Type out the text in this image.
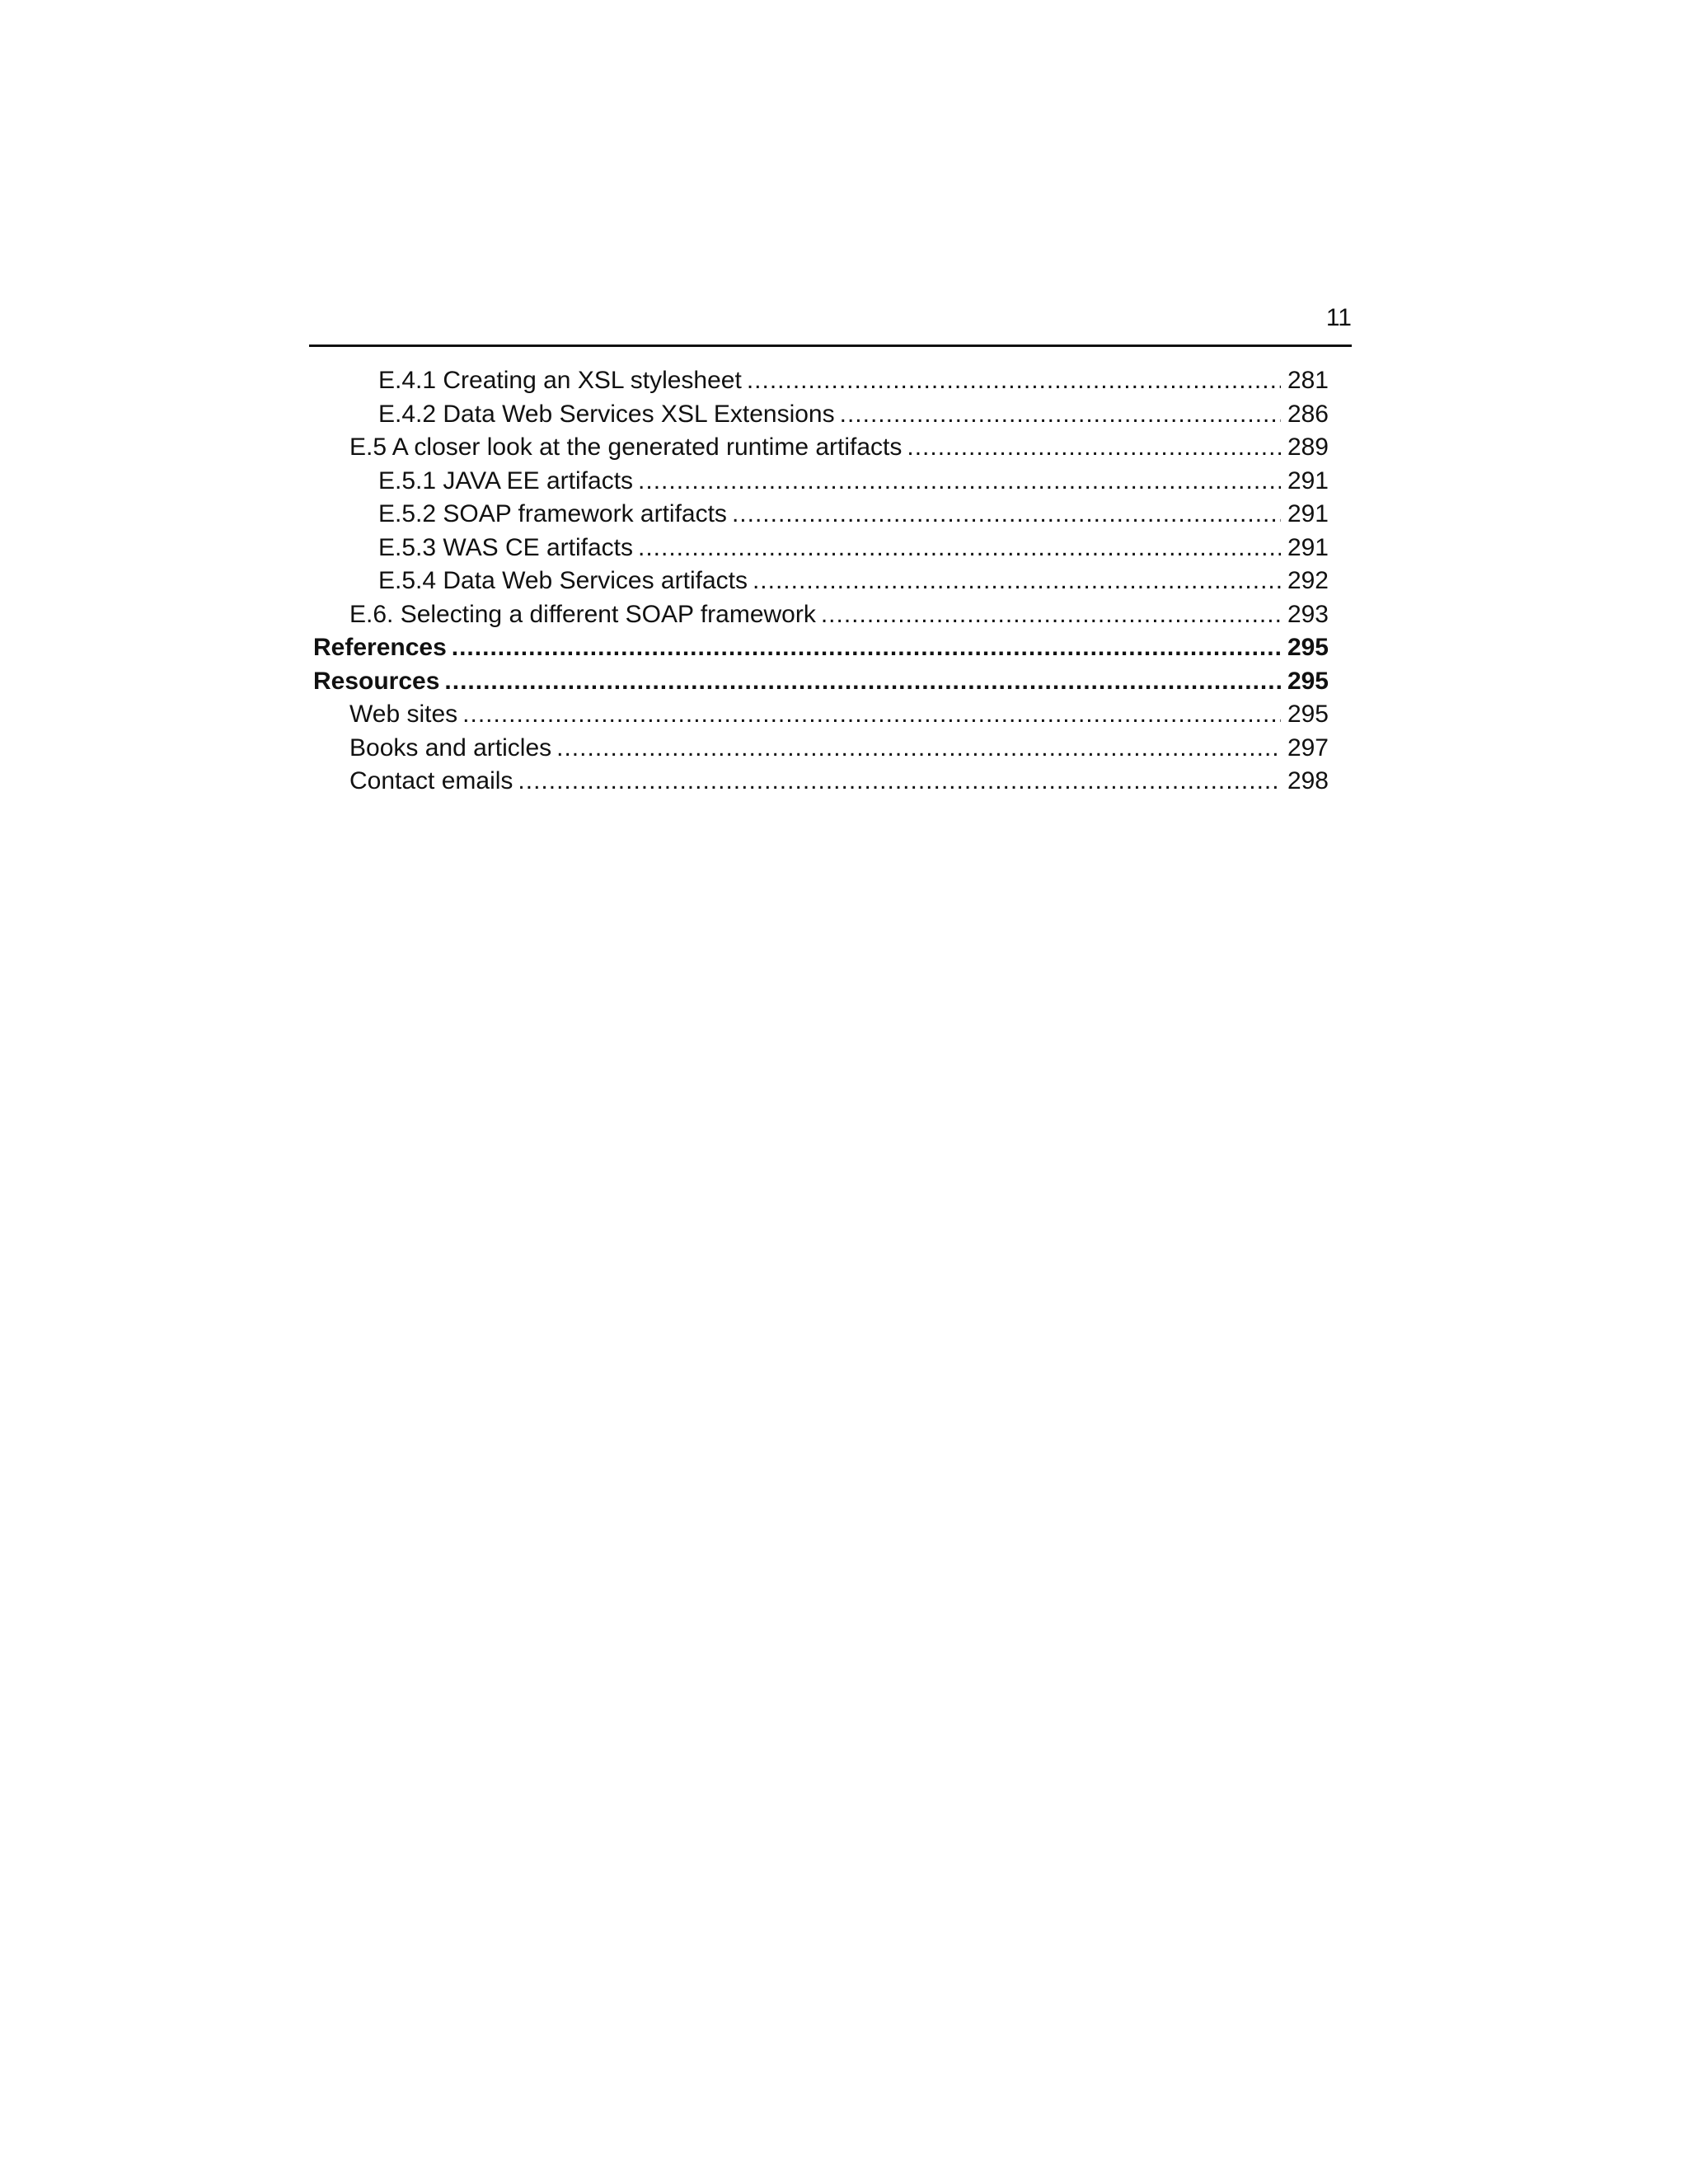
11
E.4.1 Creating an XSL stylesheet .....	281
E.4.2 Data Web Services XSL Extensions .....	286
E.5 A closer look at the generated runtime artifacts .....	289
E.5.1 JAVA EE artifacts .....	291
E.5.2 SOAP framework artifacts .....	291
E.5.3 WAS CE artifacts .....	291
E.5.4 Data Web Services artifacts .....	292
E.6. Selecting a different SOAP framework .....	293
References .....	295
Resources .....	295
Web sites .....	295
Books and articles .....	297
Contact emails .....	298
